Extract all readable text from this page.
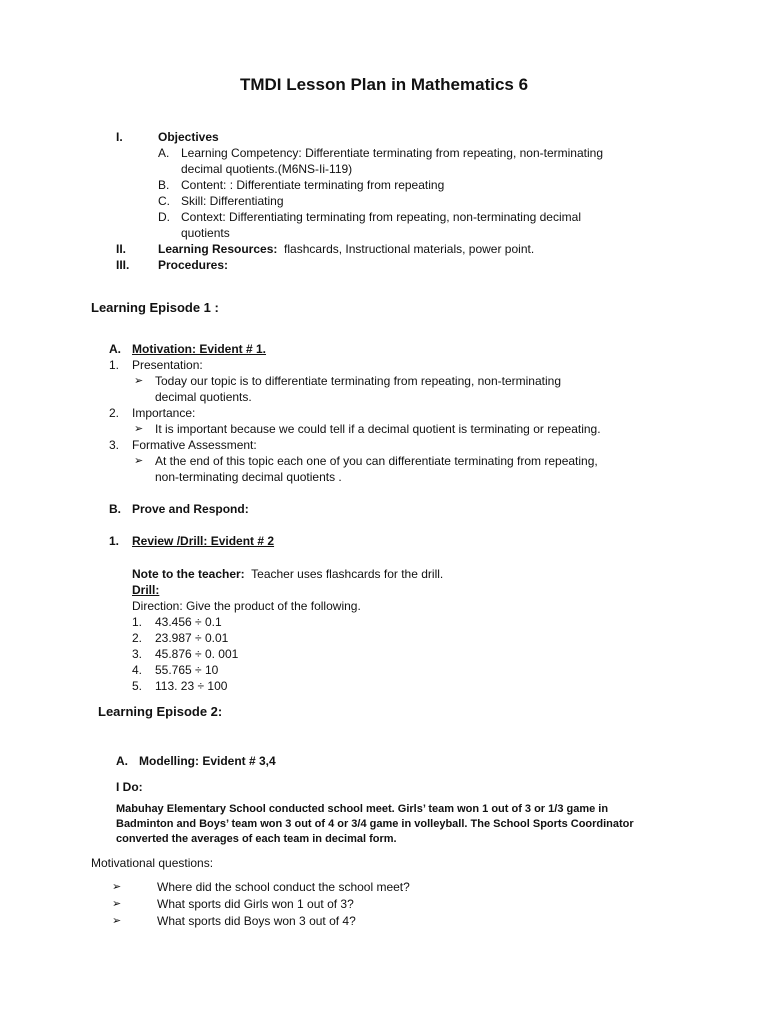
TMDI Lesson Plan in Mathematics 6
I.	Objectives
A. Learning Competency: Differentiate terminating from repeating, non-terminating
decimal quotients.(M6NS-Ii-119)
B. Content: : Differentiate terminating from repeating
C. Skill: Differentiating
D. Context: Differentiating terminating from repeating, non-terminating decimal
quotients
II.	Learning Resources: flashcards, Instructional materials, power point.
III. Procedures:
Learning Episode 1 :
A. Motivation: Evident # 1.
1. Presentation:
➢ Today our topic is to differentiate terminating from repeating, non-terminating
decimal quotients.
2. Importance:
➢ It is important because we could tell if a decimal quotient is terminating or repeating.
3. Formative Assessment:
➢ At the end of this topic each one of you can differentiate terminating from repeating,
non-terminating decimal quotients .
B. Prove and Respond:
1. Review /Drill: Evident # 2
Note to the teacher: Teacher uses flashcards for the drill.
Drill:
Direction: Give the product of the following.
1. 43.456 ÷ 0.1
2. 23.987 ÷ 0.01
3. 45.876 ÷ 0. 001
4. 55.765 ÷ 10
5. 113. 23 ÷ 100
Learning Episode 2:
A. Modelling: Evident # 3,4
I Do:
Mabuhay Elementary School conducted school meet. Girls’ team won 1 out of 3 or 1/3 game in
Badminton and Boys’ team won 3 out of 4 or 3/4 game in volleyball. The School Sports Coordinator
converted the averages of each team in decimal form.
Motivational questions:
➢	Where did the school conduct the school meet?
➢	What sports did Girls won 1 out of 3?
➢	What sports did Boys won 3 out of 4?
